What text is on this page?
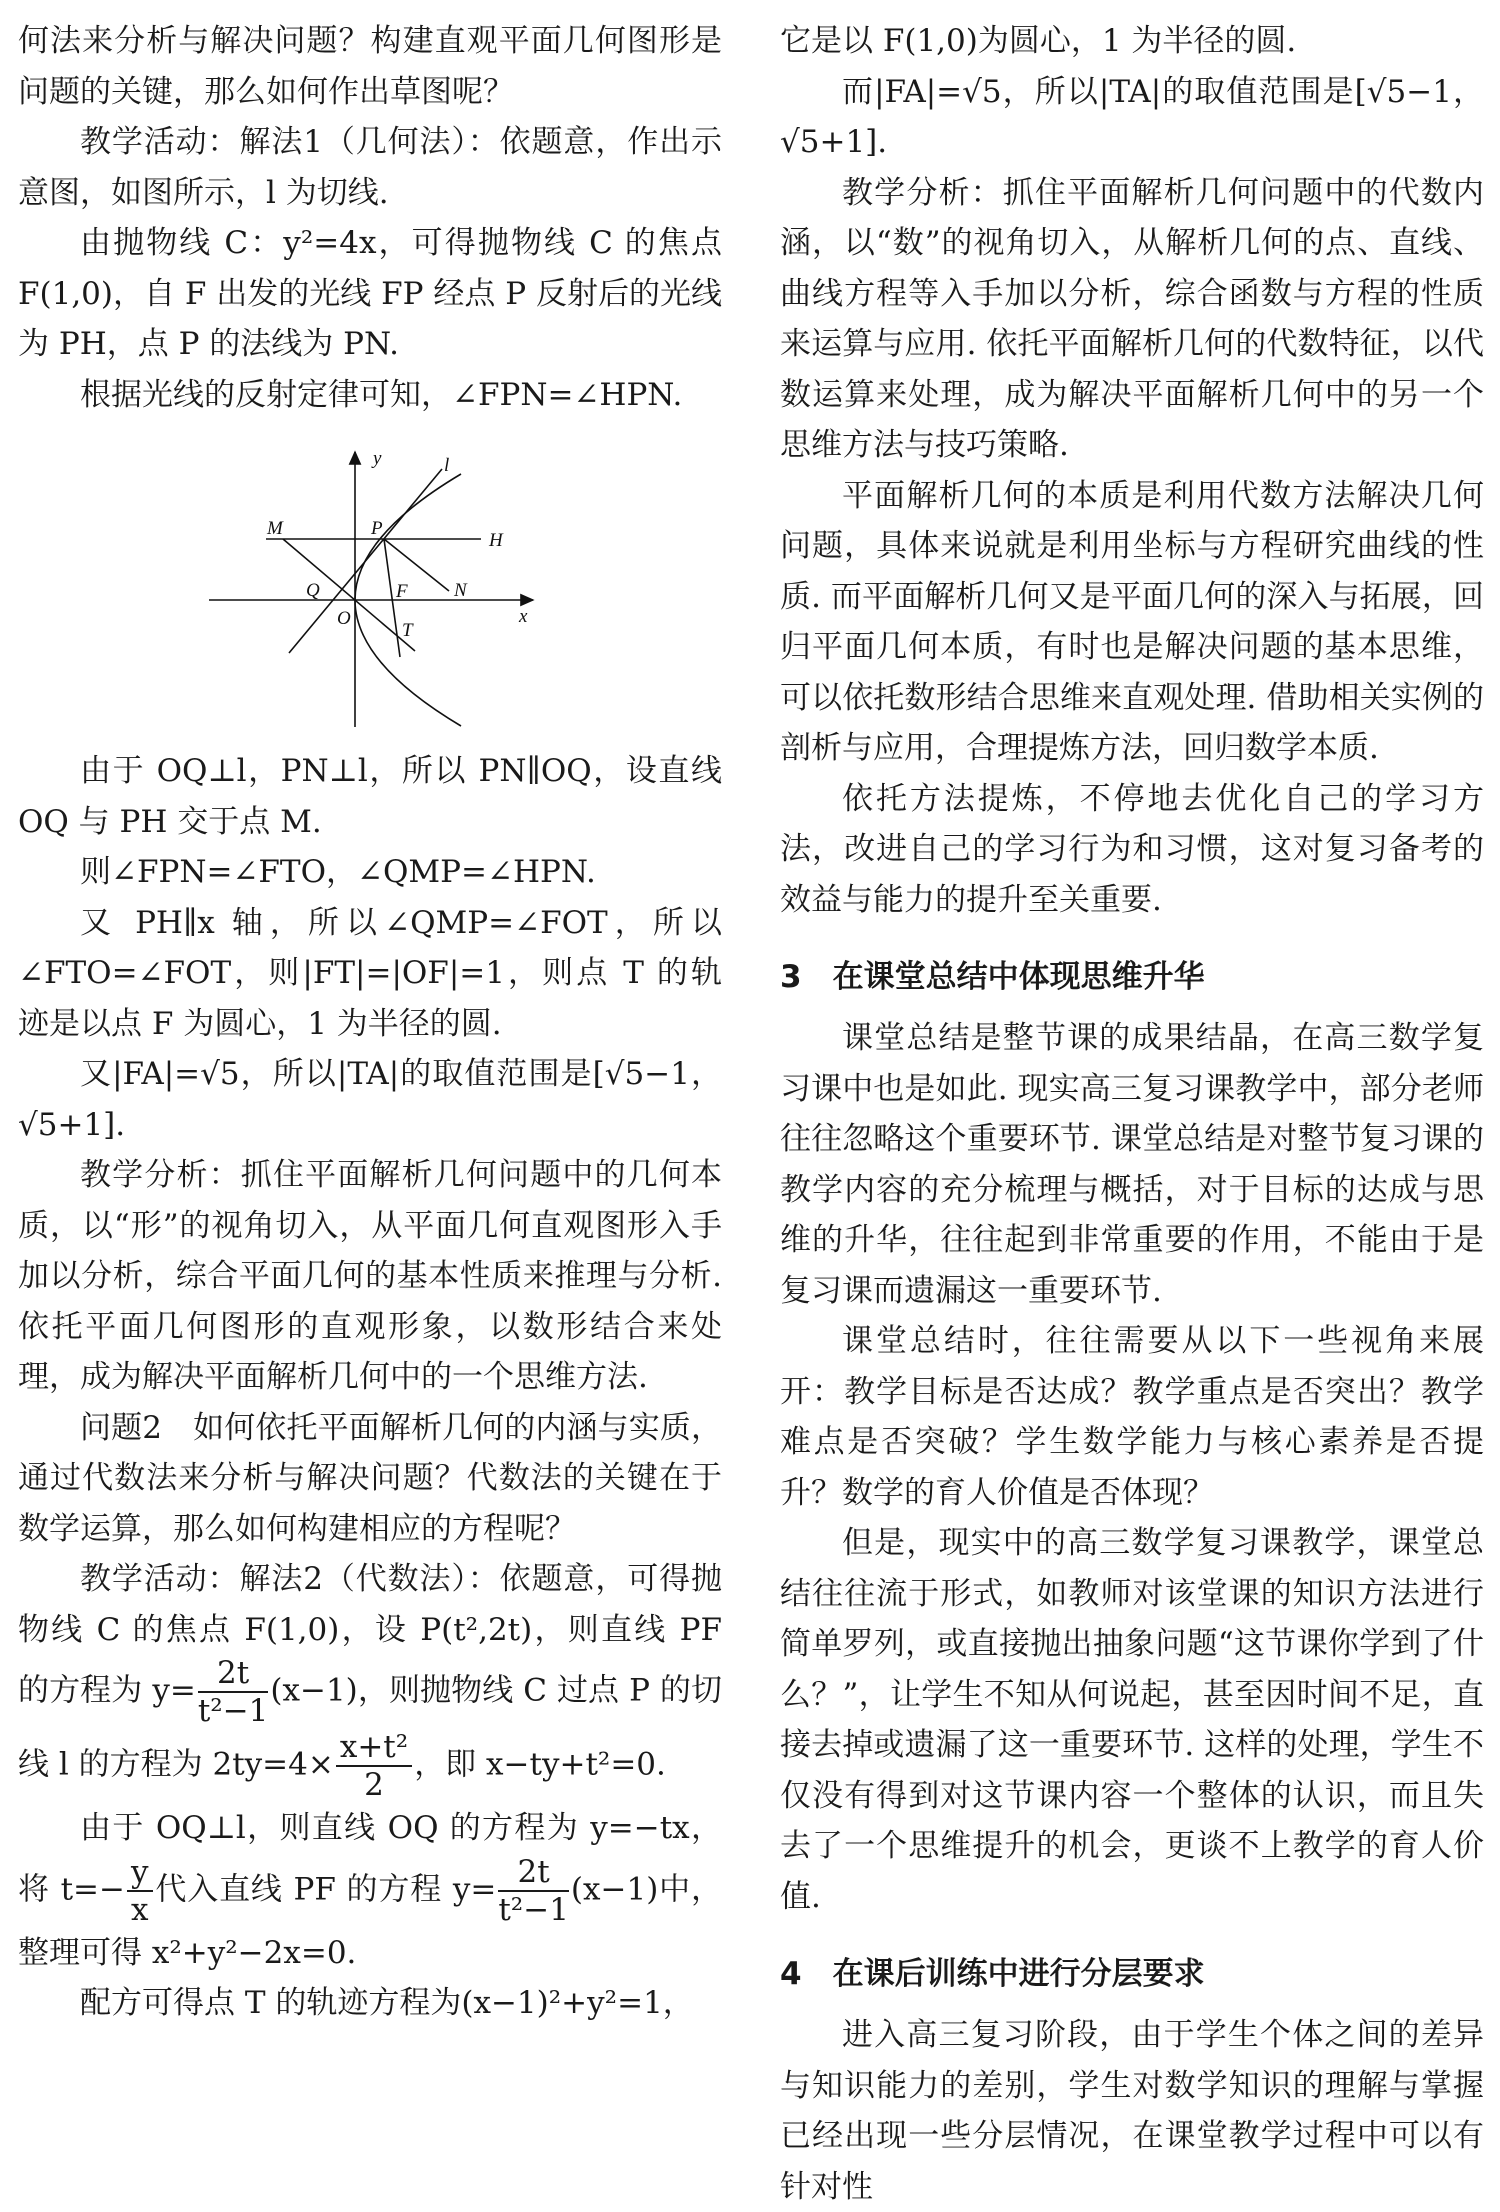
何法来分析与解决问题？构建直观平面几何图形是问题的关键，那么如何作出草图呢？

教学活动：解法1（几何法）：依题意，作出示意图，如图所示，l 为切线.

由抛物线 C：y²=4x，可得抛物线 C 的焦点 F(1,0)，自 F 出发的光线 FP 经点 P 反射后的光线为 PH，点 P 的法线为 PN.

根据光线的反射定律可知，∠FPN=∠HPN.

y	l
M	P
H
Q	F N
O
T
x

由于 OQ⊥l，PN⊥l，所以 PN∥OQ，设直线 OQ 与 PH 交于点 M.

则∠FPN=∠FTO，∠QMP=∠HPN.

又 PH∥x 轴，所以∠QMP=∠FOT，所以∠FTO=∠FOT，则|FT|=|OF|=1，则点 T 的轨迹是以点 F 为圆心，1 为半径的圆.

又|FA|=√5，所以|TA|的取值范围是[√5−1，√5+1].

教学分析：抓住平面解析几何问题中的几何本质，以“形”的视角切入，从平面几何直观图形入手加以分析，综合平面几何的基本性质来推理与分析. 依托平面几何图形的直观形象，以数形结合来处理，成为解决平面解析几何中的一个思维方法.

问题2　如何依托平面解析几何的内涵与实质，通过代数法来分析与解决问题？代数法的关键在于数学运算，那么如何构建相应的方程呢？

教学活动：解法2（代数法）：依题意，可得抛物线 C 的焦点 F(1,0)，设 P(t²,2t)，则直线 PF 的方程为 $y= \frac{2t}{\text{t²−1}} (x-1)$，则抛物线 C 过点 P 的切线 l 的方程为 $2ty=4\times \frac{\text{x+t²}}{2}$ ，即 x−ty+t²=0.

由于 OQ⊥l，则直线 OQ 的方程为 y=−tx，将 $t=- \frac{y}{x}$ 代入直线 PF 的方程 $y= \frac{2t}{\text{t²−1}} (x-1)$中，整理可得 x²+y²−2x=0.

配方可得点 T 的轨迹方程为(x−1)²+y²=1，

它是以 F(1,0)为圆心，1 为半径的圆.

而|FA|=√5，所以|TA|的取值范围是[√5−1，√5+1].

教学分析：抓住平面解析几何问题中的代数内涵，以“数”的视角切入，从解析几何的点、直线、曲线方程等入手加以分析，综合函数与方程的性质来运算与应用. 依托平面解析几何的代数特征，以代数运算来处理，成为解决平面解析几何中的另一个思维方法与技巧策略.

平面解析几何的本质是利用代数方法解决几何问题，具体来说就是利用坐标与方程研究曲线的性质. 而平面解析几何又是平面几何的深入与拓展，回归平面几何本质，有时也是解决问题的基本思维，可以依托数形结合思维来直观处理. 借助相关实例的剖析与应用，合理提炼方法，回归数学本质.

依托方法提炼，不停地去优化自己的学习方法，改进自己的学习行为和习惯，这对复习备考的效益与能力的提升至关重要.

3　在课堂总结中体现思维升华

课堂总结是整节课的成果结晶，在高三数学复习课中也是如此. 现实高三复习课教学中，部分老师往往忽略这个重要环节. 课堂总结是对整节复习课的教学内容的充分梳理与概括，对于目标的达成与思维的升华，往往起到非常重要的作用，不能由于是复习课而遗漏这一重要环节.

课堂总结时，往往需要从以下一些视角来展开：教学目标是否达成？教学重点是否突出？教学难点是否突破？学生数学能力与核心素养是否提升？数学的育人价值是否体现？

但是，现实中的高三数学复习课教学，课堂总结往往流于形式，如教师对该堂课的知识方法进行简单罗列，或直接抛出抽象问题“这节课你学到了什么？”，让学生不知从何说起，甚至因时间不足，直接去掉或遗漏了这一重要环节. 这样的处理，学生不仅没有得到对这节课内容一个整体的认识，而且失去了一个思维提升的机会，更谈不上教学的育人价值.

4　在课后训练中进行分层要求

进入高三复习阶段，由于学生个体之间的差异与知识能力的差别，学生对数学知识的理解与掌握已经出现一些分层情况，在课堂教学过程中可以有针对性
